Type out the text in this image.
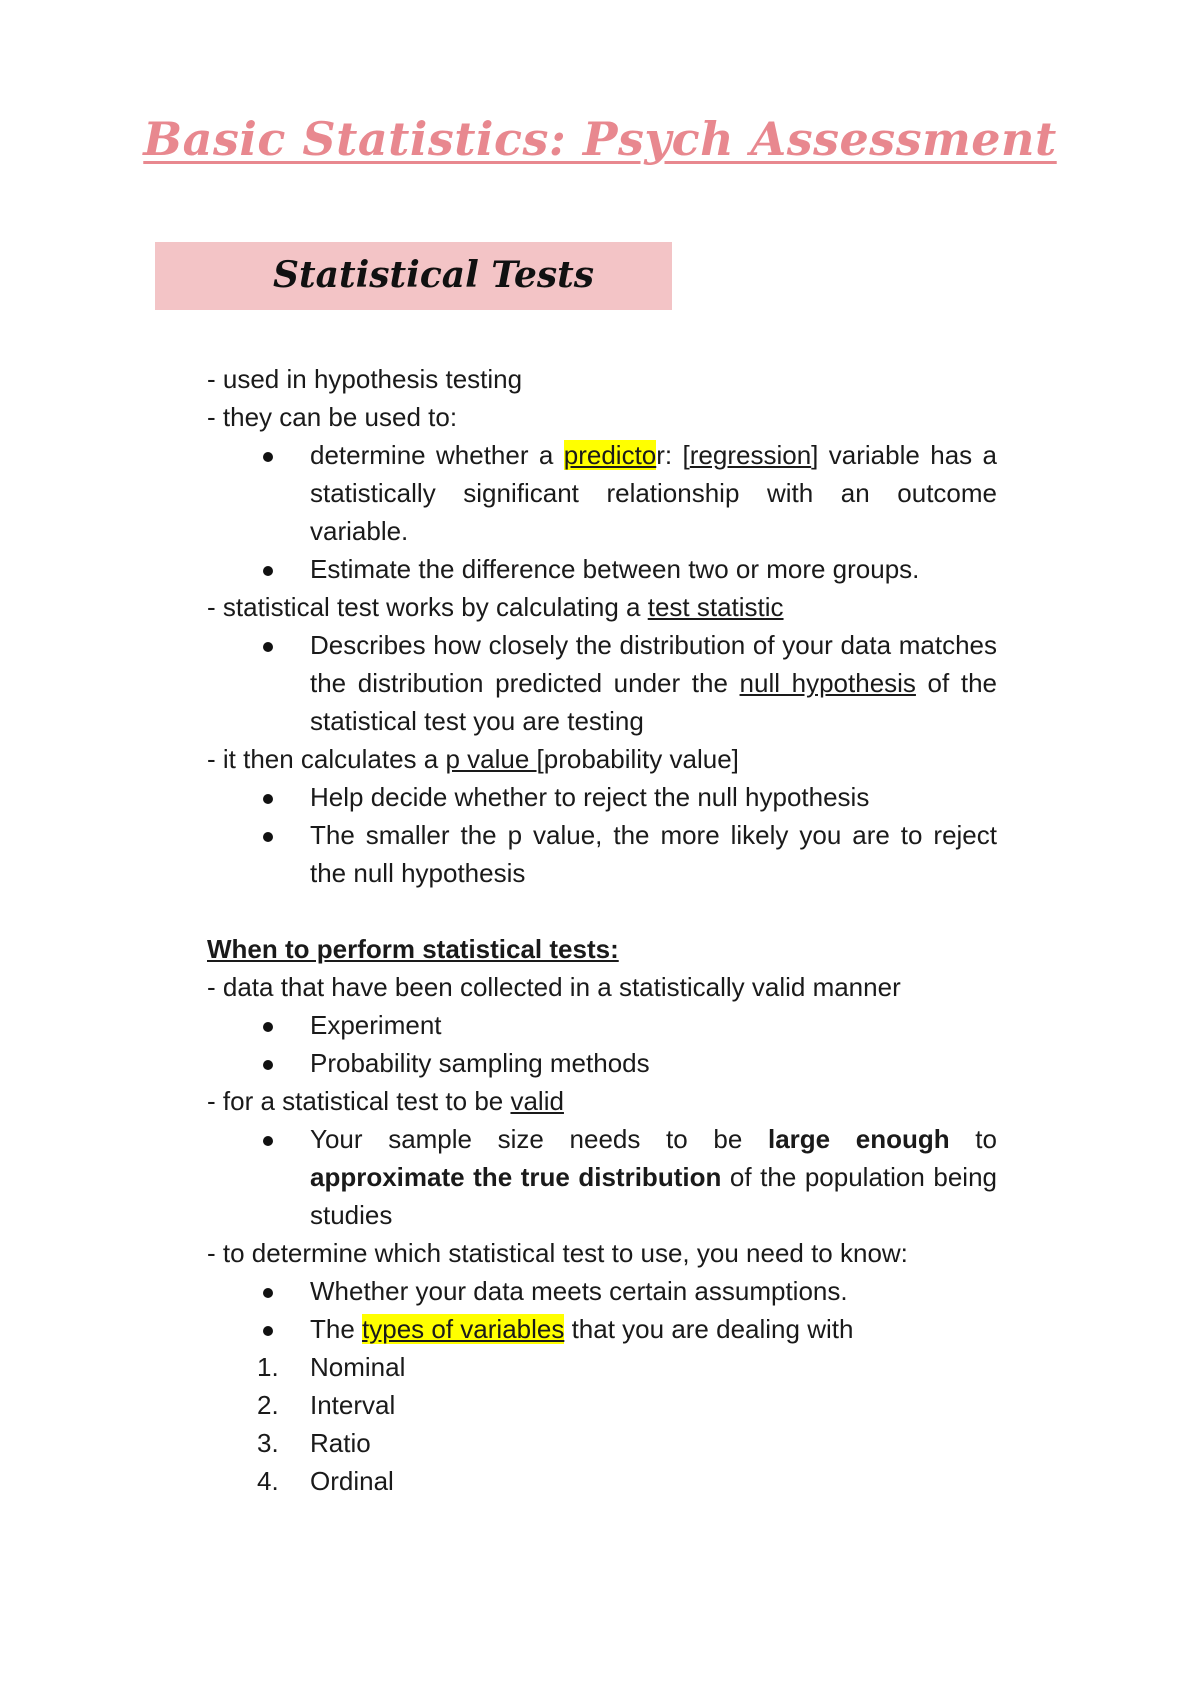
Basic Statistics: Psych Assessment
Statistical Tests

- used in hypothesis testing

- they can be used to:

determine whether a predictor: [regression] variable has a statistically significant relationship with an outcome variable.
Estimate the difference between two or more groups.

- statistical test works by calculating a test statistic

Describes how closely the distribution of your data matches the distribution predicted under the null hypothesis of the statistical test you are testing

- it then calculates a p value [probability value]

Help decide whether to reject the null hypothesis
The smaller the p value, the more likely you are to reject the null hypothesis

When to perform statistical tests:

- data that have been collected in a statistically valid manner

Experiment
Probability sampling methods

- for a statistical test to be valid

Your sample size needs to be large enough to approximate the true distribution of the population being studies

- to determine which statistical test to use, you need to know:

Whether your data meets certain assumptions.
The types of variables that you are dealing with
1. Nominal
2. Interval
3. Ratio
4. Ordinal
